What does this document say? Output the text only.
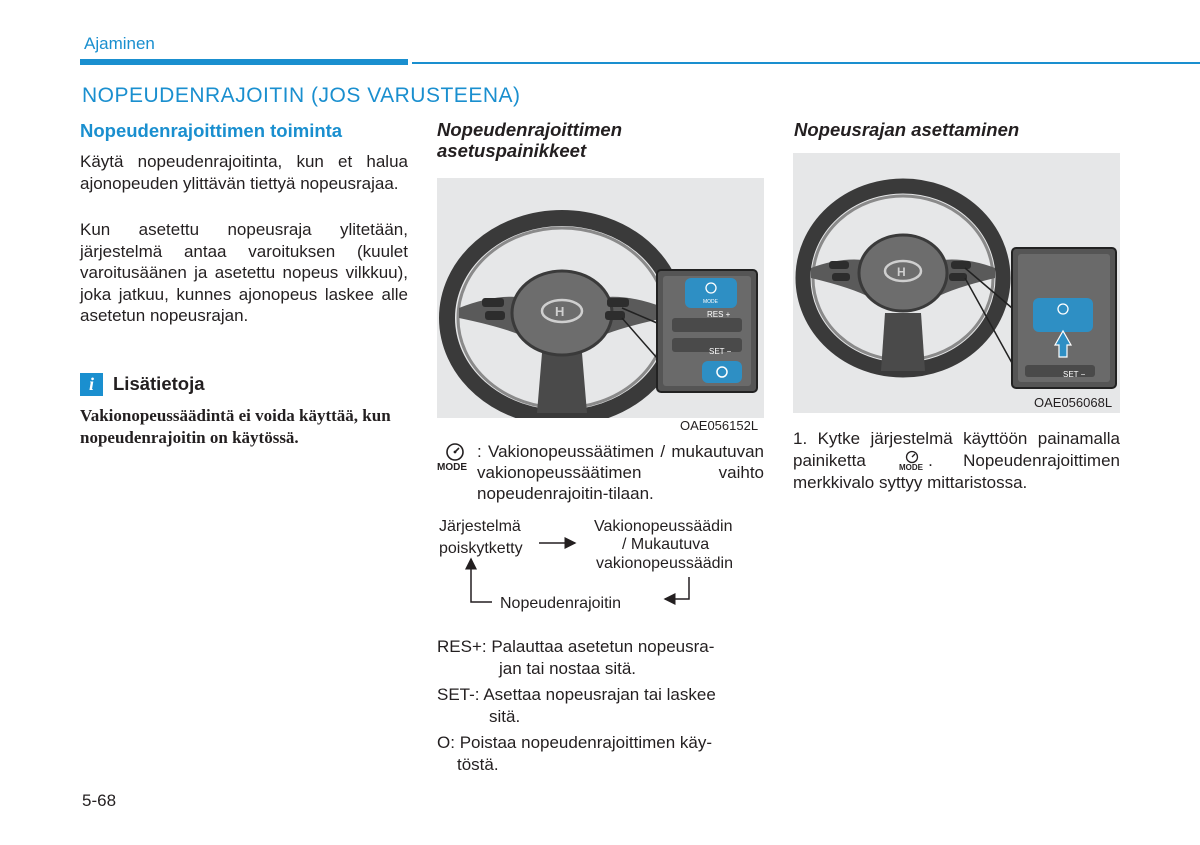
Ajaminen
NOPEUDENRAJOITIN (JOS VARUSTEENA)
Nopeudenrajoittimen toiminta
Käytä nopeudenrajoitinta, kun et halua ajonopeuden ylittävän tiettyä nopeusrajaa.
Kun asetettu nopeusraja ylitetään, järjestelmä antaa varoituksen (kuulet varoitusäänen ja asetettu nopeus vilkkuu), joka jatkuu, kunnes ajonopeus laskee alle asetetun nopeusrajan.
i	Lisätietoja
Vakionopeussäädintä ei voida käyttää, kun nopeudenrajoitin on käytössä.
Nopeudenrajoittimen
asetuspainikkeet
H
MODE
RES +
SET −
OAE056152L
MODE
: Vakionopeussäätimen / mukautuvan vakionopeussäätimen vaihto nopeudenrajoitin-tilaan.
Järjestelmä
poiskytketty
Vakionopeussäädin
/ Mukautuva
vakionopeussäädin
Nopeudenrajoitin
RES+: Palauttaa asetetun nopeusra-
jan tai nostaa sitä.
SET-: Asettaa nopeusrajan tai laskee
sitä.
O: Poistaa nopeudenrajoittimen käy-
töstä.
Nopeusrajan asettaminen
H
SET −
OAE056068L
1. Kytke järjestelmä käyttöön painamalla painiketta	MODE . Nopeudenrajoittimen merkkivalo syttyy mittaristossa.
5-68
